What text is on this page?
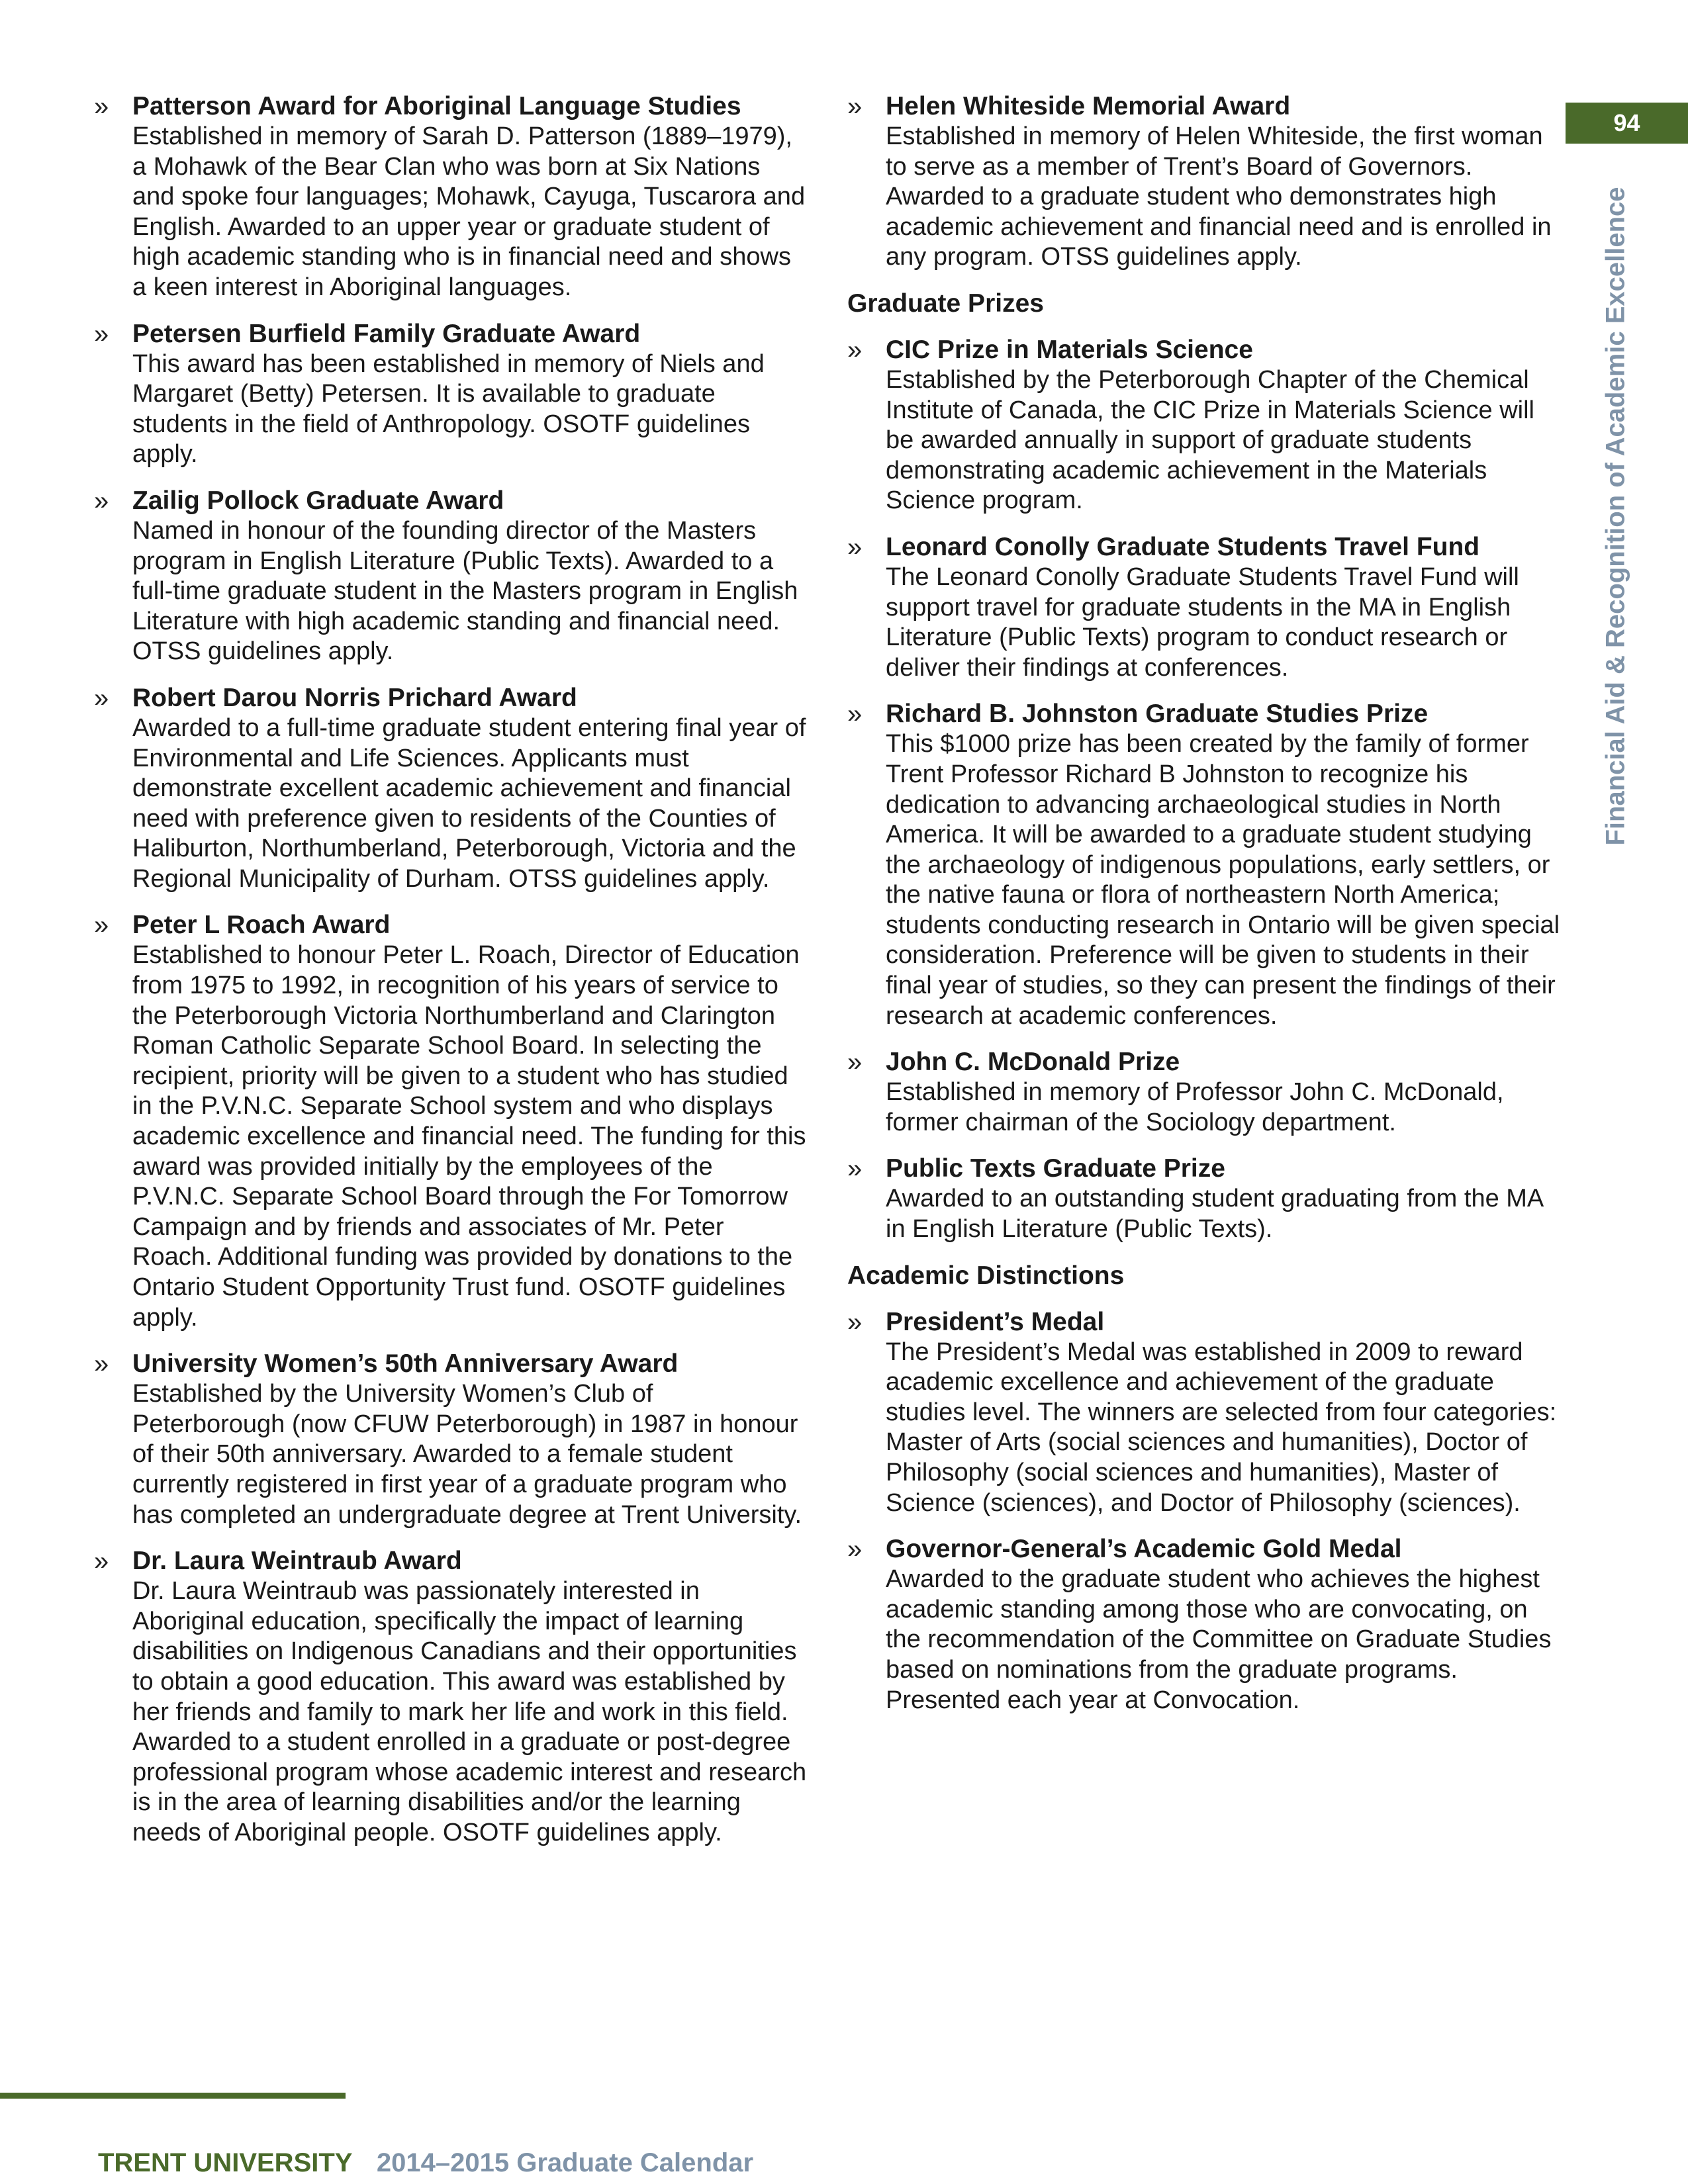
» Patterson Award for Aboriginal Language Studies
Established in memory of Sarah D. Patterson (1889–1979), a Mohawk of the Bear Clan who was born at Six Nations and spoke four languages; Mohawk, Cayuga, Tuscarora and English. Awarded to an upper year or graduate student of high academic standing who is in financial need and shows a keen interest in Aboriginal languages.
» Petersen Burfield Family Graduate Award
This award has been established in memory of Niels and Margaret (Betty) Petersen. It is available to graduate students in the field of Anthropology. OSOTF guidelines apply.
» Zailig Pollock Graduate Award
Named in honour of the founding director of the Masters program in English Literature (Public Texts). Awarded to a full-time graduate student in the Masters program in English Literature with high academic standing and financial need. OTSS guidelines apply.
» Robert Darou Norris Prichard Award
Awarded to a full-time graduate student entering final year of Environmental and Life Sciences. Applicants must demonstrate excellent academic achievement and financial need with preference given to residents of the Counties of Haliburton, Northumberland, Peterborough, Victoria and the Regional Municipality of Durham. OTSS guidelines apply.
» Peter L Roach Award
Established to honour Peter L. Roach, Director of Education from 1975 to 1992, in recognition of his years of service to the Peterborough Victoria Northumberland and Clarington Roman Catholic Separate School Board. In selecting the recipient, priority will be given to a student who has studied in the P.V.N.C. Separate School system and who displays academic excellence and financial need. The funding for this award was provided initially by the employees of the P.V.N.C. Separate School Board through the For Tomorrow Campaign and by friends and associates of Mr. Peter Roach. Additional funding was provided by donations to the Ontario Student Opportunity Trust fund. OSOTF guidelines apply.
» University Women’s 50th Anniversary Award
Established by the University Women’s Club of Peterborough (now CFUW Peterborough) in 1987 in honour of their 50th anniversary. Awarded to a female student currently registered in first year of a graduate program who has completed an undergraduate degree at Trent University.
» Dr. Laura Weintraub Award
Dr. Laura Weintraub was passionately interested in Aboriginal education, specifically the impact of learning disabilities on Indigenous Canadians and their opportunities to obtain a good education. This award was established by her friends and family to mark her life and work in this field. Awarded to a student enrolled in a graduate or post-degree professional program whose academic interest and research is in the area of learning disabilities and/or the learning needs of Aboriginal people. OSOTF guidelines apply.
» Helen Whiteside Memorial Award
Established in memory of Helen Whiteside, the first woman to serve as a member of Trent’s Board of Governors. Awarded to a graduate student who demonstrates high academic achievement and financial need and is enrolled in any program. OTSS guidelines apply.
Graduate Prizes
» CIC Prize in Materials Science
Established by the Peterborough Chapter of the Chemical Institute of Canada, the CIC Prize in Materials Science will be awarded annually in support of graduate students demonstrating academic achievement in the Materials Science program.
» Leonard Conolly Graduate Students Travel Fund
The Leonard Conolly Graduate Students Travel Fund will support travel for graduate students in the MA in English Literature (Public Texts) program to conduct research or deliver their findings at conferences.
» Richard B. Johnston Graduate Studies Prize
This $1000 prize has been created by the family of former Trent Professor Richard B Johnston to recognize his dedication to advancing archaeological studies in North America. It will be awarded to a graduate student studying the archaeology of indigenous populations, early settlers, or the native fauna or flora of northeastern North America; students conducting research in Ontario will be given special consideration. Preference will be given to students in their final year of studies, so they can present the findings of their research at academic conferences.
» John C. McDonald Prize
Established in memory of Professor John C. McDonald, former chairman of the Sociology department.
» Public Texts Graduate Prize
Awarded to an outstanding student graduating from the MA in English Literature (Public Texts).
Academic Distinctions
» President’s Medal
The President’s Medal was established in 2009 to reward academic excellence and achievement of the graduate studies level. The winners are selected from four categories: Master of Arts (social sciences and humanities), Doctor of Philosophy (social sciences and humanities), Master of Science (sciences), and Doctor of Philosophy (sciences).
» Governor-General’s Academic Gold Medal
Awarded to the graduate student who achieves the highest academic standing among those who are convocating, on the recommendation of the Committee on Graduate Studies based on nominations from the graduate programs. Presented each year at Convocation.
94
Financial Aid & Recognition of Academic Excellence
TRENT UNIVERSITY 2014–2015 Graduate Calendar
